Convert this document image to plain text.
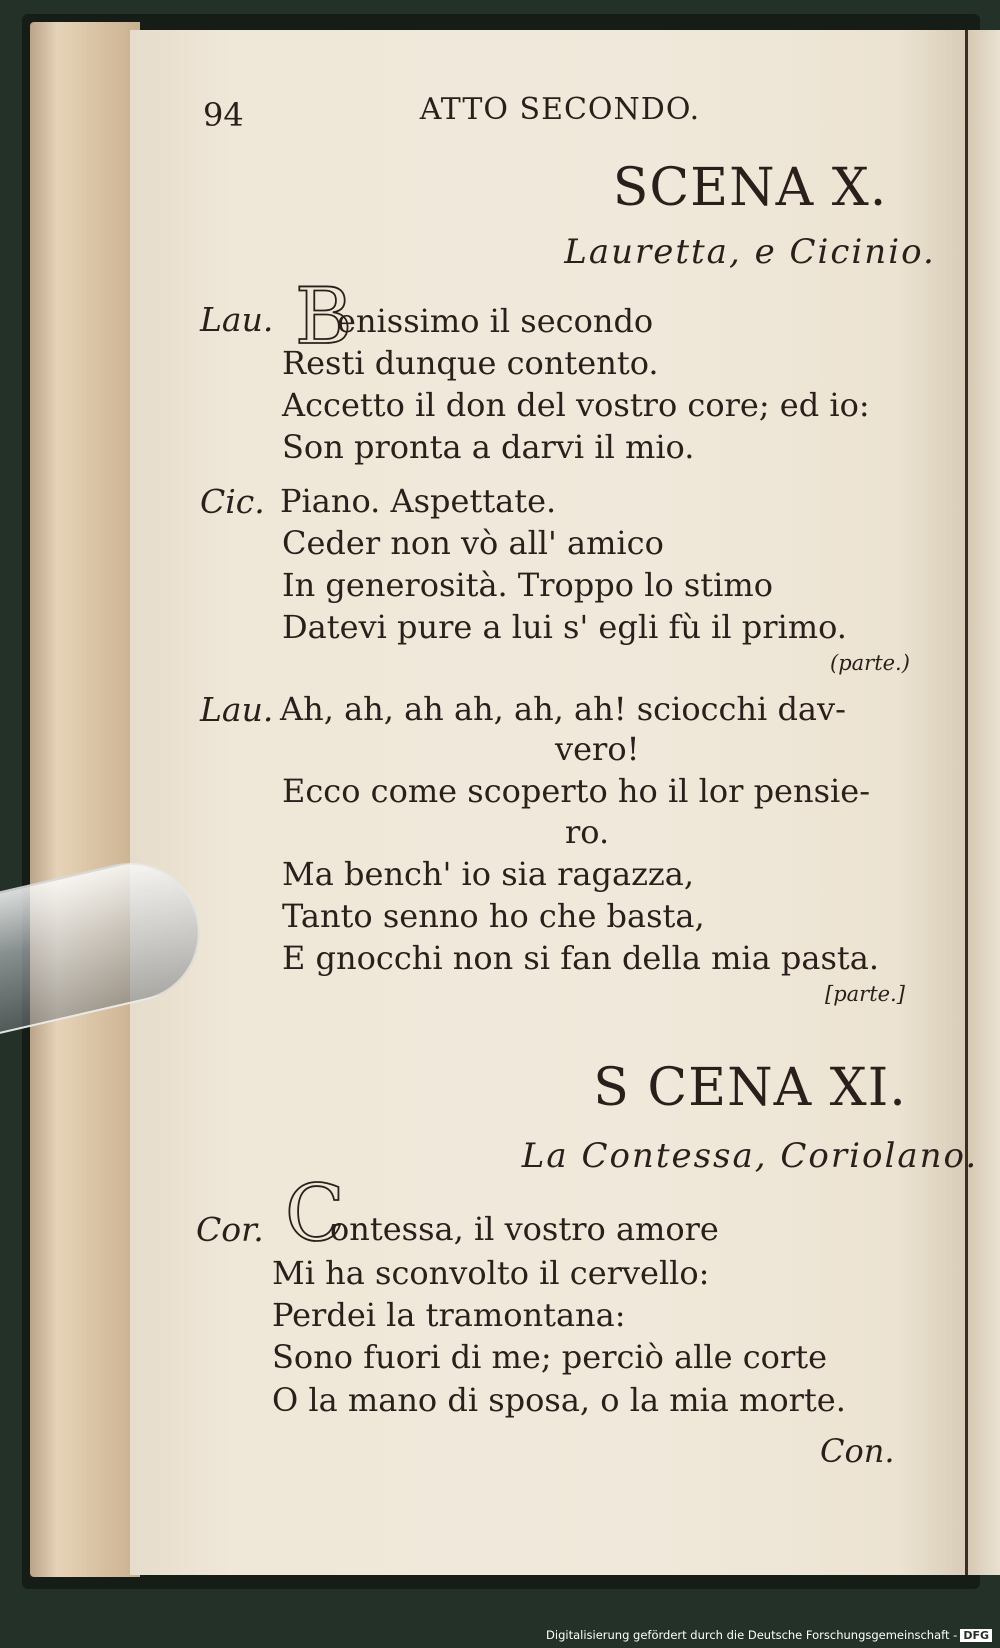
94	ATTO SECONDO.
SCENA X.
Lauretta, e Cicinio.
B
Lau. enissimo il secondo
Resti dunque contento.
Accetto il don del vostro core; ed io:
Son pronta a darvi il mio.
Cic. Piano. Aspettate.
Ceder non vò all' amico
In generosità. Troppo lo stimo
Datevi pure a lui s' egli fù il primo.
(parte.)
Lau. Ah, ah, ah ah, ah, ah! sciocchi dav-
vero!
Ecco come scoperto ho il lor pensie-
ro.
Ma bench' io sia ragazza,
Tanto senno ho che basta,
E gnocchi non si fan della mia pasta.
[parte.]
S CENA XI.
La Contessa, Coriolano.
C
Cor. ontessa, il vostro amore
Mi ha sconvolto il cervello:
Perdei la tramontana:
Sono fuori di me; perciò alle corte
O la mano di sposa, o la mia morte.
Con.
Digitalisierung gefördert durch die Deutsche Forschungsgemeinschaft - DFG
